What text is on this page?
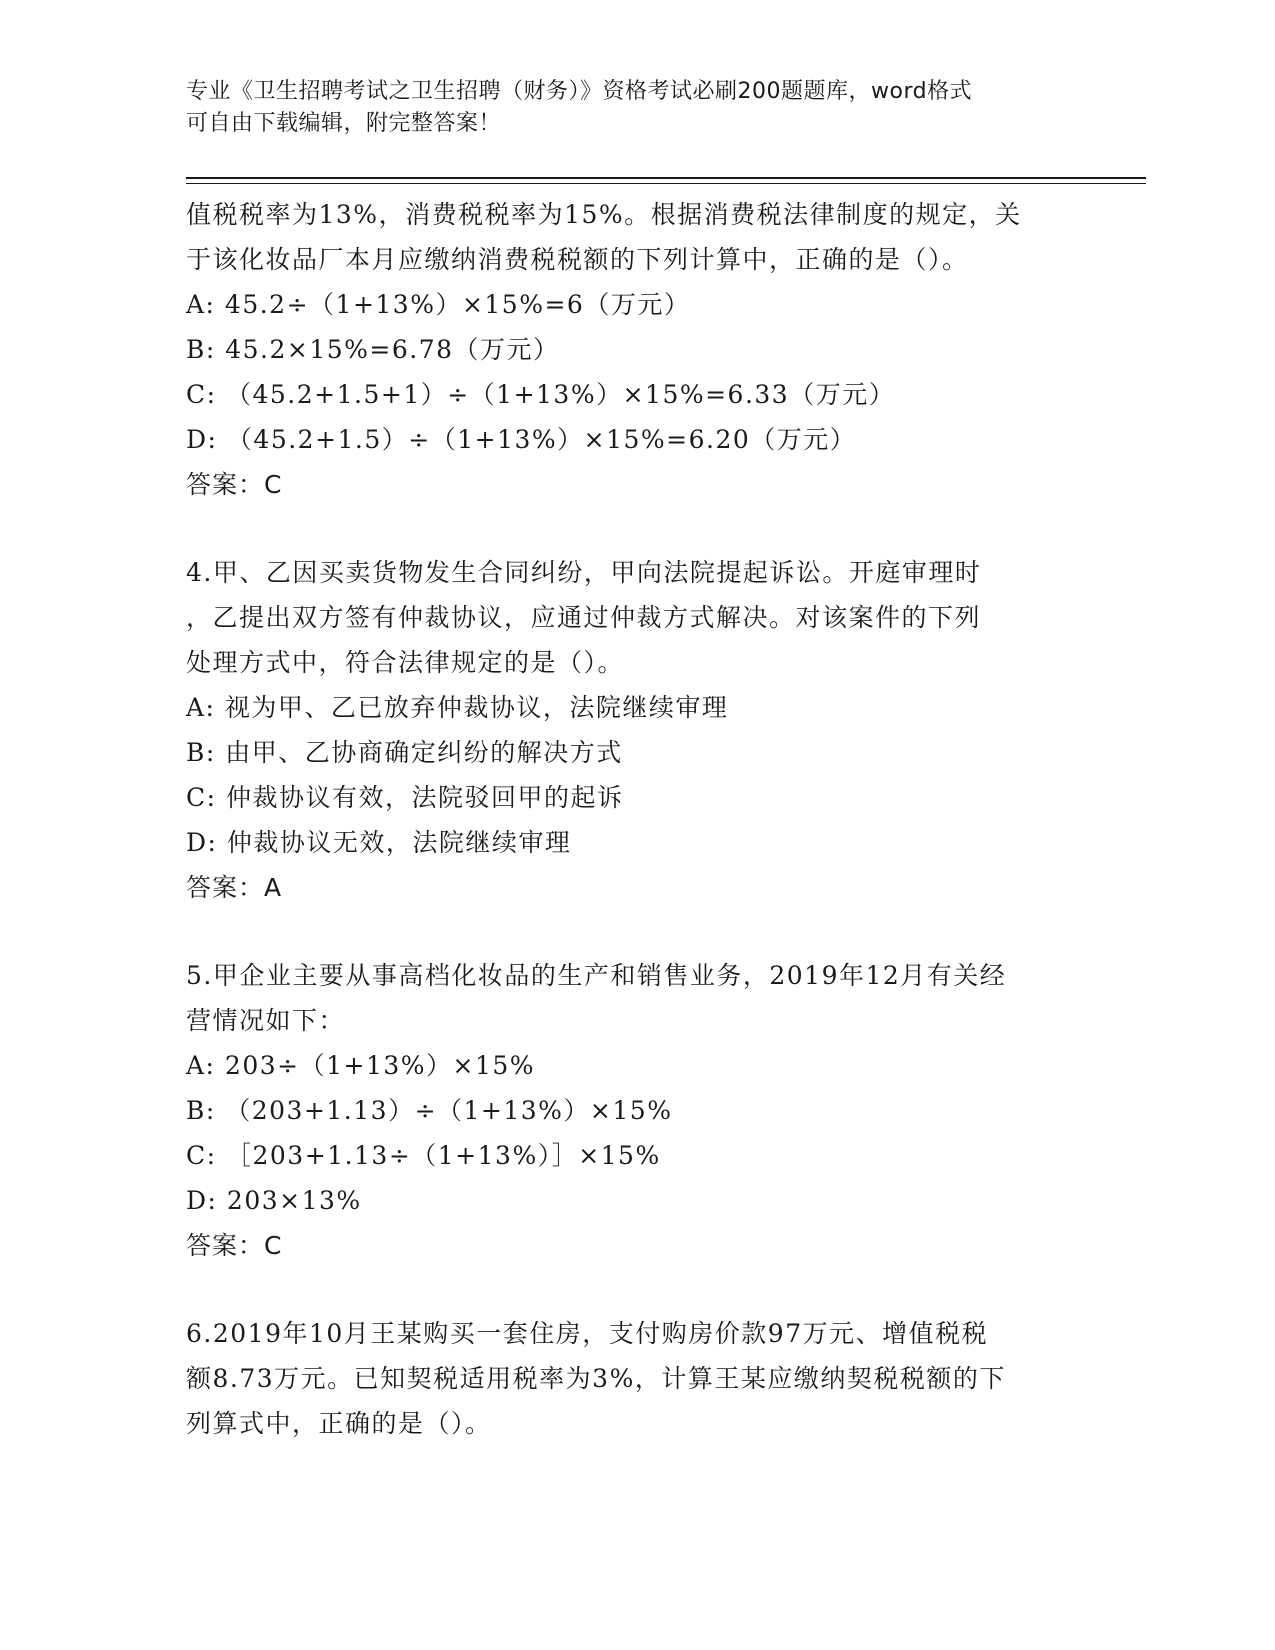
专业《卫生招聘考试之卫生招聘（财务）》资格考试必刷200题题库，word格式
可自由下载编辑，附完整答案！
值税税率为13%，消费税税率为15%。根据消费税法律制度的规定，关
于该化妆品厂本月应缴纳消费税税额的下列计算中，正确的是（）。
A: 45.2÷（1+13%）×15%=6（万元）
B: 45.2×15%=6.78（万元）
C: （45.2+1.5+1）÷（1+13%）×15%=6.33（万元）
D: （45.2+1.5）÷（1+13%）×15%=6.20（万元）
答案：C
4.甲、乙因买卖货物发生合同纠纷，甲向法院提起诉讼。开庭审理时
，乙提出双方签有仲裁协议，应通过仲裁方式解决。对该案件的下列
处理方式中，符合法律规定的是（）。
A: 视为甲、乙已放弃仲裁协议，法院继续审理
B: 由甲、乙协商确定纠纷的解决方式
C: 仲裁协议有效，法院驳回甲的起诉
D: 仲裁协议无效，法院继续审理
答案：A
5.甲企业主要从事高档化妆品的生产和销售业务，2019年12月有关经
营情况如下：
A: 203÷（1+13%）×15%
B: （203+1.13）÷（1+13%）×15%
C: ［203+1.13÷（1+13%）］×15%
D: 203×13%
答案：C
6.2019年10月王某购买一套住房，支付购房价款97万元、增值税税
额8.73万元。已知契税适用税率为3%，计算王某应缴纳契税税额的下
列算式中，正确的是（）。
